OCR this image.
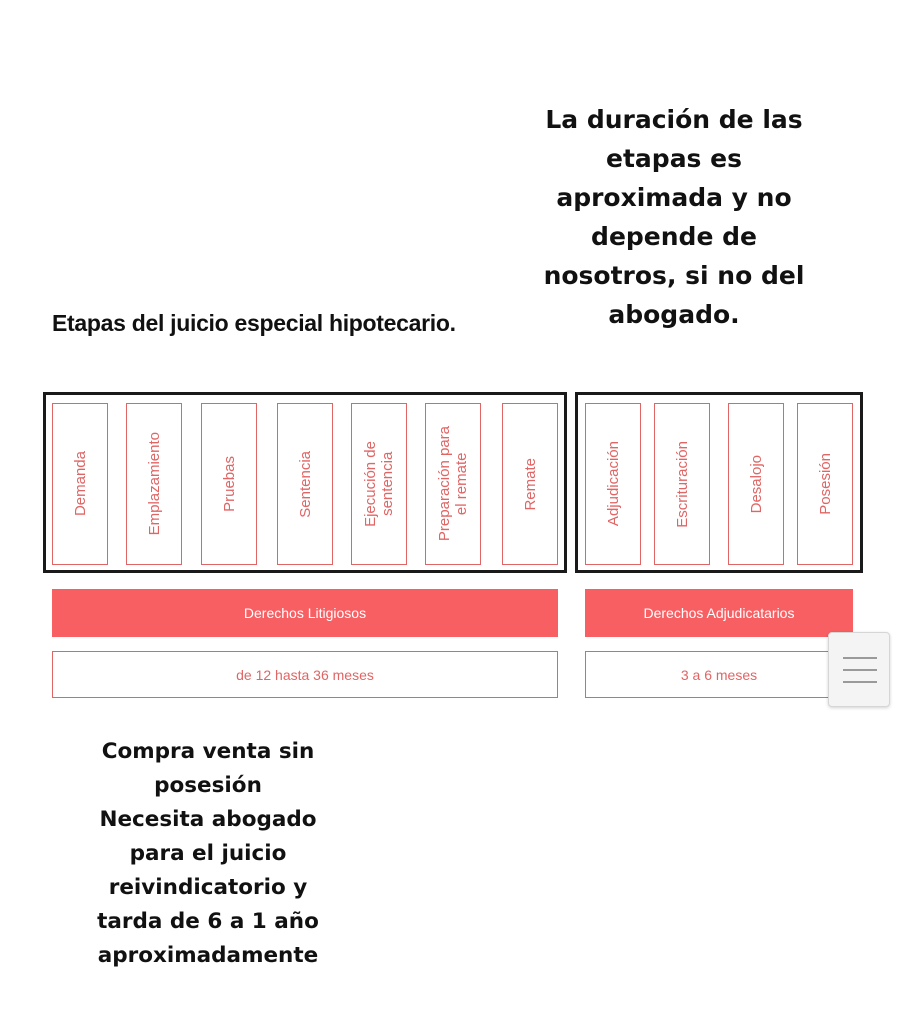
La duración de las
etapas es
aproximada y no
depende de
nosotros, si no del
abogado.
Etapas del juicio especial hipotecario.
Demanda	Emplazamiento	Pruebas	Sentencia	Ejecución de
sentencia	Preparación para
el remate	Remate	Adjudicación	Escrituración	Desalojo	Posesión
Derechos Litigiosos	Derechos Adjudicatarios
de 12 hasta 36 meses	3 a 6 meses
Compra venta sin
posesión
Necesita abogado
para el juicio
reivindicatorio y
tarda de 6 a 1 año
aproximadamente
